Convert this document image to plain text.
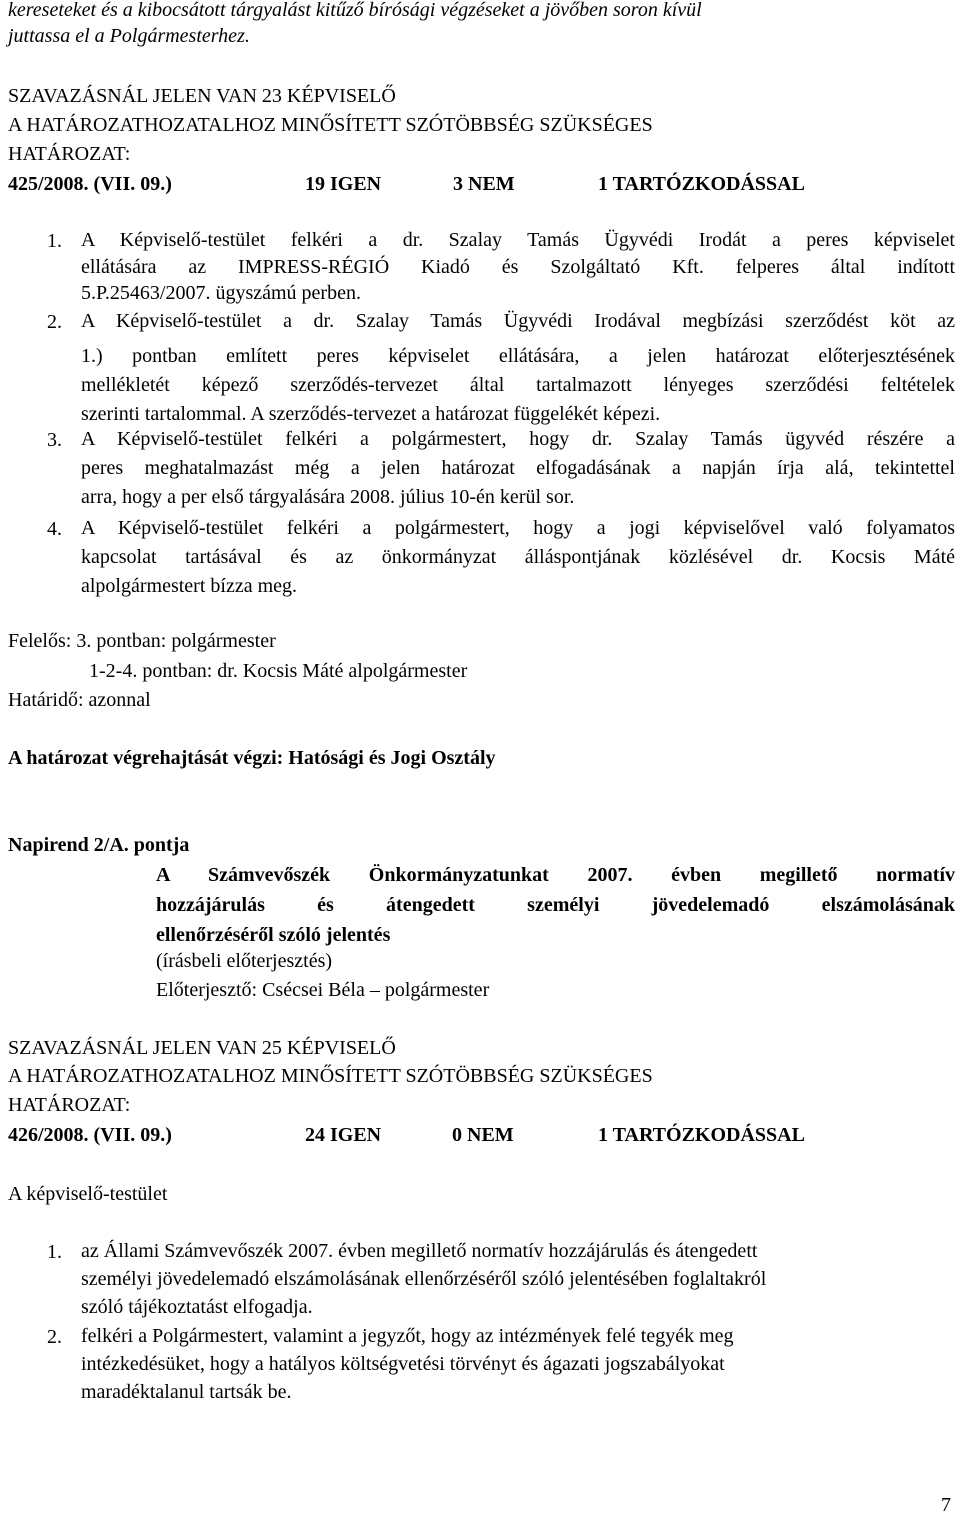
kereseteket és a kibocsátott tárgyalást kitűző bírósági végzéseket a jövőben soron kívül
juttassa el a Polgármesterhez.
SZAVAZÁSNÁL JELEN VAN 23 KÉPVISELŐ
A HATÁROZATHOZATALHOZ MINŐSÍTETT SZÓTÖBBSÉG SZÜKSÉGES
HATÁROZAT:
425/2008. (VII. 09.)	19 IGEN	3 NEM	1 TARTÓZKODÁSSAL
1. A Képviselő-testület felkéri a dr. Szalay Tamás Ügyvédi Irodát a peres képviselet
ellátására az IMPRESS-RÉGIÓ Kiadó és Szolgáltató Kft. felperes által indított
5.P.25463/2007. ügyszámú perben.
2. A Képviselő-testület a dr. Szalay Tamás Ügyvédi Irodával megbízási szerződést köt az
1.) pontban említett peres képviselet ellátására, a jelen határozat előterjesztésének
mellékletét képező szerződés-tervezet által tartalmazott lényeges szerződési feltételek
szerinti tartalommal. A szerződés-tervezet a határozat függelékét képezi.
3. A Képviselő-testület felkéri a polgármestert, hogy dr. Szalay Tamás ügyvéd részére a
peres meghatalmazást még a jelen határozat elfogadásának a napján írja alá, tekintettel
arra, hogy a per első tárgyalására 2008. július 10-én kerül sor.
4. A Képviselő-testület felkéri a polgármestert, hogy a jogi képviselővel való folyamatos
kapcsolat tartásával és az önkormányzat álláspontjának közlésével dr. Kocsis Máté
alpolgármestert bízza meg.
Felelős: 3. pontban: polgármester
1-2-4. pontban: dr. Kocsis Máté alpolgármester
Határidő: azonnal
A határozat végrehajtását végzi: Hatósági és Jogi Osztály
Napirend 2/A. pontja
A Számvevőszék Önkormányzatunkat 2007. évben megillető normatív
hozzájárulás és átengedett személyi jövedelemadó elszámolásának
ellenőrzéséről szóló jelentés
(írásbeli előterjesztés)
Előterjesztő: Csécsei Béla – polgármester
SZAVAZÁSNÁL JELEN VAN 25 KÉPVISELŐ
A HATÁROZATHOZATALHOZ MINŐSÍTETT SZÓTÖBBSÉG SZÜKSÉGES
HATÁROZAT:
426/2008. (VII. 09.)	24 IGEN	0 NEM	1 TARTÓZKODÁSSAL
A képviselő-testület
1. az Állami Számvevőszék 2007. évben megillető normatív hozzájárulás és átengedett
személyi jövedelemadó elszámolásának ellenőrzéséről szóló jelentésében foglaltakról
szóló tájékoztatást elfogadja.
2. felkéri a Polgármestert, valamint a jegyzőt, hogy az intézmények felé tegyék meg
intézkedésüket, hogy a hatályos költségvetési törvényt és ágazati jogszabályokat
maradéktalanul tartsák be.
7
